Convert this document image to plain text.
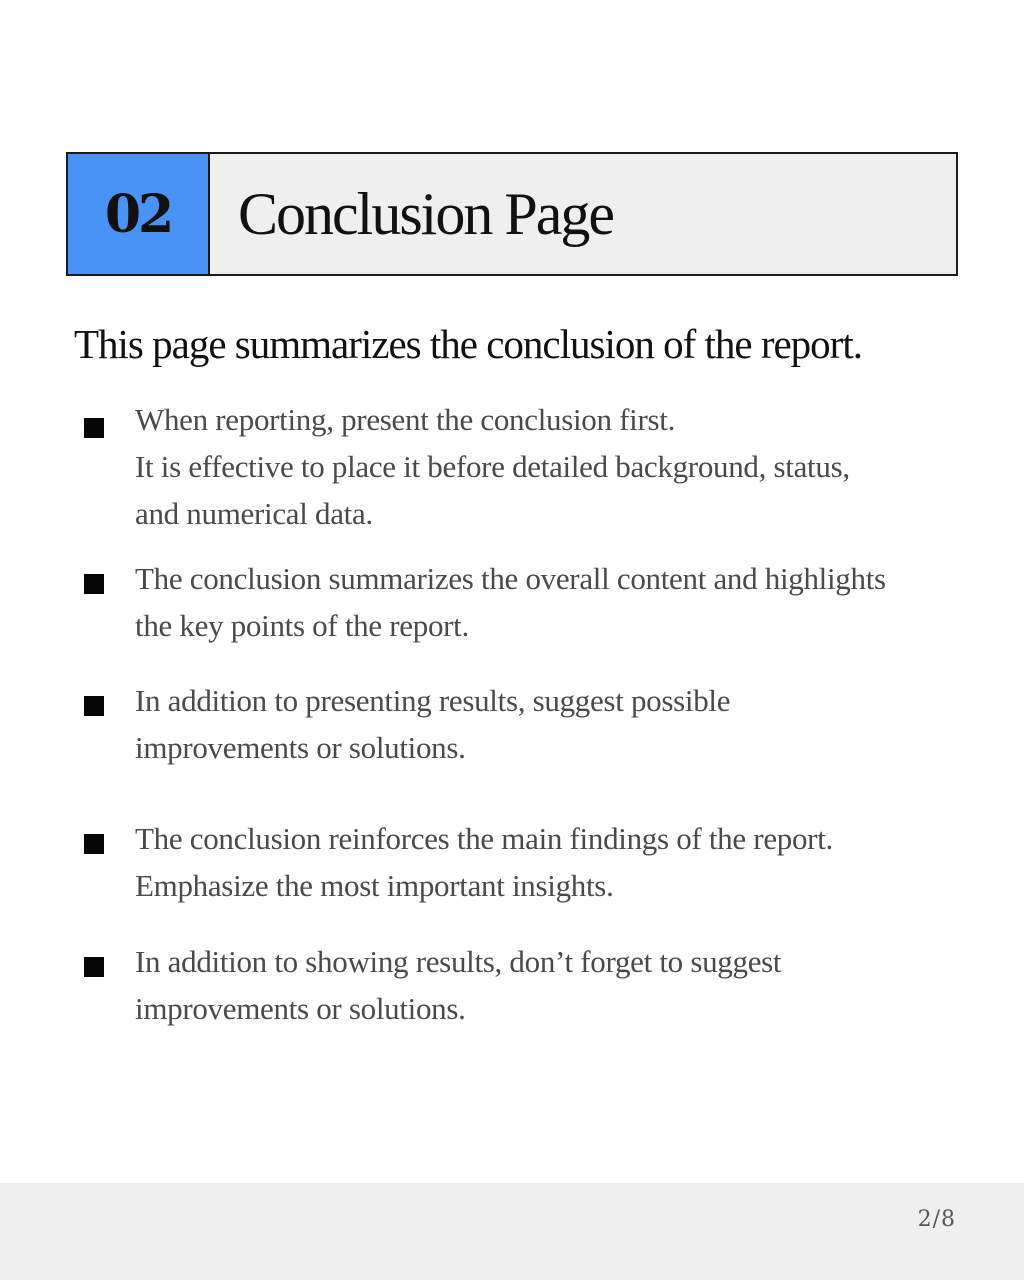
02	Conclusion Page
This page summarizes the conclusion of the report.
When reporting, present the conclusion first.
It is effective to place it before detailed background, status,
and numerical data.
The conclusion summarizes the overall content and highlights
the key points of the report.
In addition to presenting results, suggest possible
improvements or solutions.
The conclusion reinforces the main findings of the report.
Emphasize the most important insights.
In addition to showing results, don’t forget to suggest
improvements or solutions.
2/8
